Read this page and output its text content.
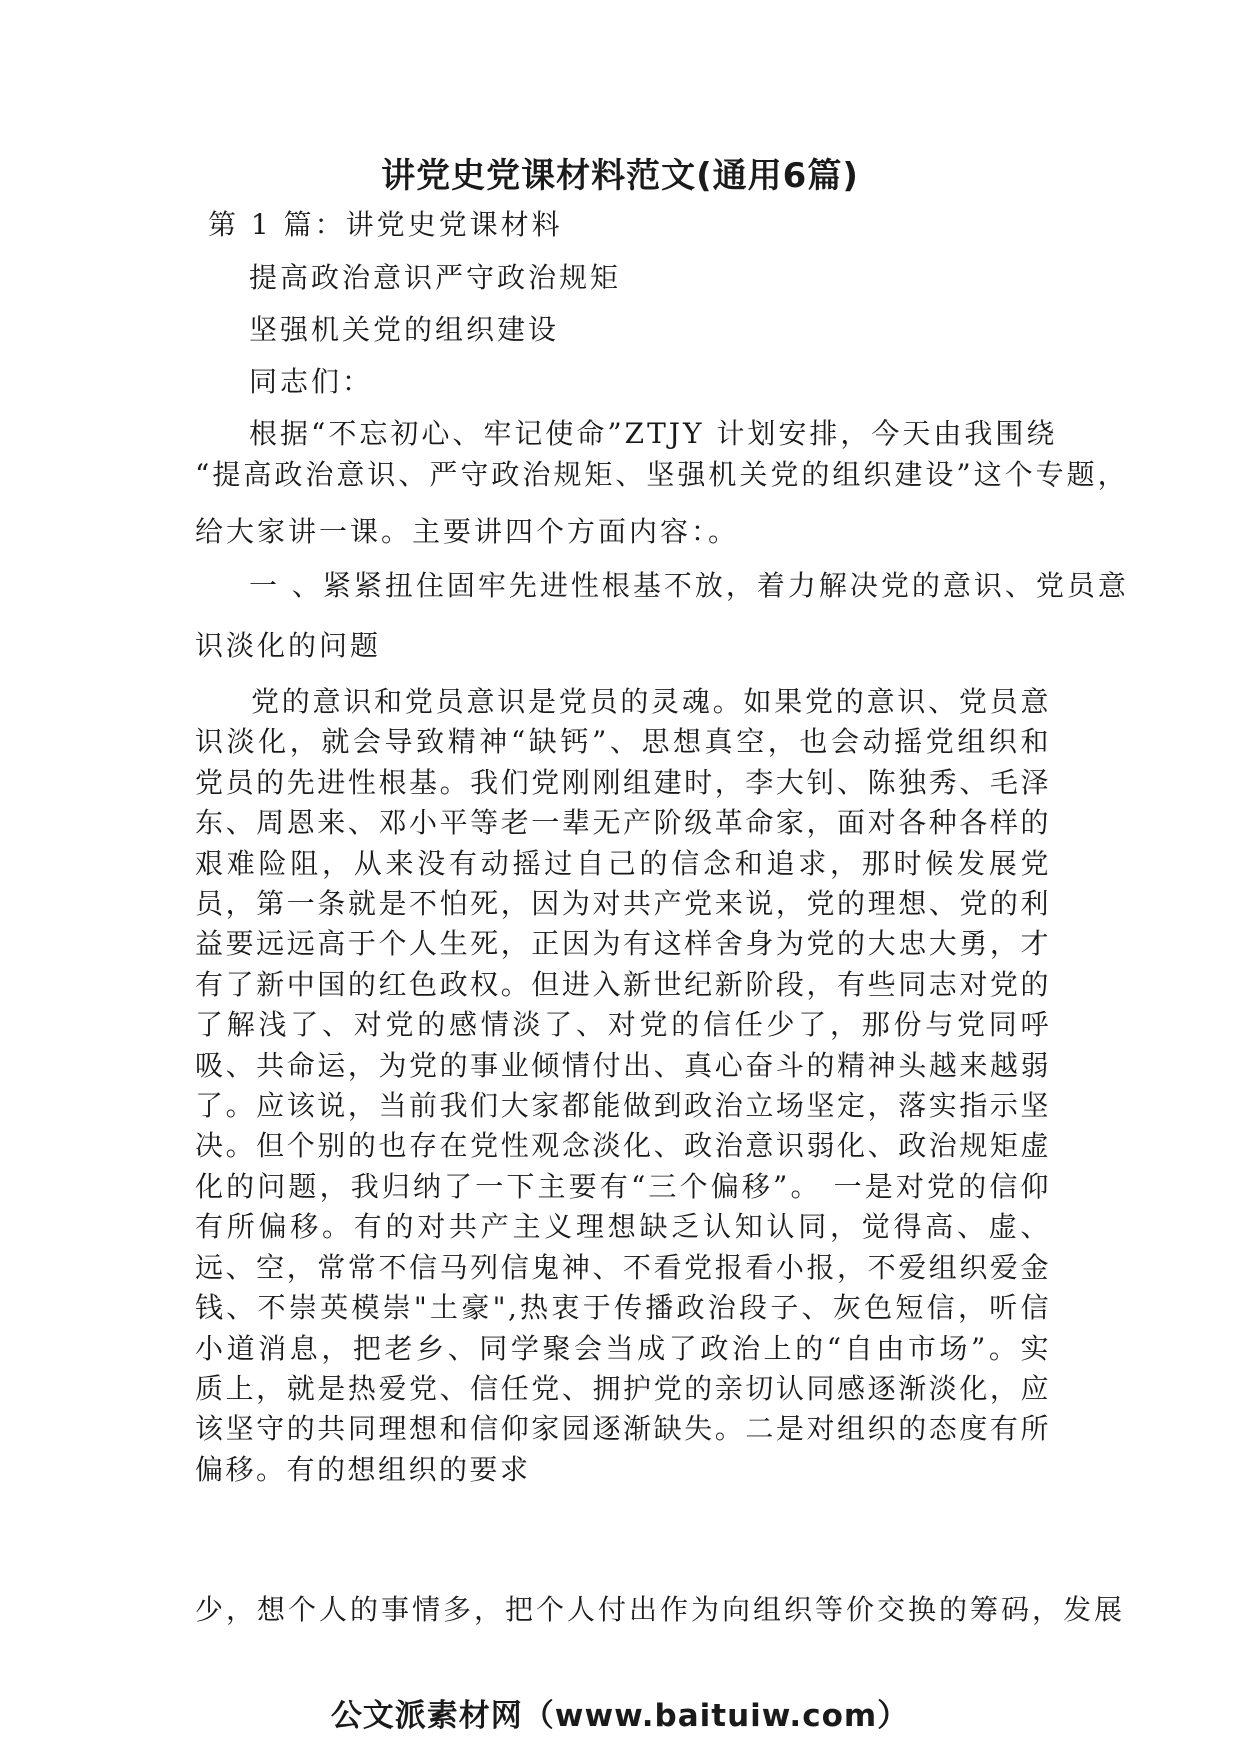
讲党史党课材料范文(通用6篇)
第 1 篇：讲党史党课材料
提高政治意识严守政治规矩
坚强机关党的组织建设
同志们：
根据“不忘初心、牢记使命”ZTJY 计划安排，今天由我围绕
“提高政治意识、严守政治规矩、坚强机关党的组织建设”这个专题，
给大家讲一课。主要讲四个方面内容：。
一 、紧紧扭住固牢先进性根基不放，着力解决党的意识、党员意
识淡化的问题

党的意识和党员意识是党员的灵魂。如果党的意识、党员意识淡化，就会导致精神“缺钙”、思想真空，也会动摇党组织和党员的先进性根基。我们党刚刚组建时，李大钊、陈独秀、毛泽东、周恩来、邓小平等老一辈无产阶级革命家，面对各种各样的艰难险阻，从来没有动摇过自己的信念和追求，那时候发展党员，第一条就是不怕死，因为对共产党来说，党的理想、党的利益要远远高于个人生死，正因为有这样舍身为党的大忠大勇，才有了新中国的红色政权。但进入新世纪新阶段，有些同志对党的了解浅了、对党的感情淡了、对党的信任少了，那份与党同呼吸、共命运，为党的事业倾情付出、真心奋斗的精神头越来越弱了。应该说，当前我们大家都能做到政治立场坚定，落实指示坚决。但个别的也存在党性观念淡化、政治意识弱化、政治规矩虚化的问题，我归纳了一下主要有“三个偏移”。 一是对党的信仰有所偏移。有的对共产主义理想缺乏认知认同，觉得高、虚、远、空，常常不信马列信鬼神、不看党报看小报，不爱组织爱金钱、不崇英模崇"土豪",热衷于传播政治段子、灰色短信，听信小道消息，把老乡、同学聚会当成了政治上的“自由市场”。实质上，就是热爱党、信任党、拥护党的亲切认同感逐渐淡化，应该坚守的共同理想和信仰家园逐渐缺失。二是对组织的态度有所偏移。有的想组织的要求

少，想个人的事情多，把个人付出作为向组织等价交换的筹码，发展
公文派素材网（www.baituiw.com）
